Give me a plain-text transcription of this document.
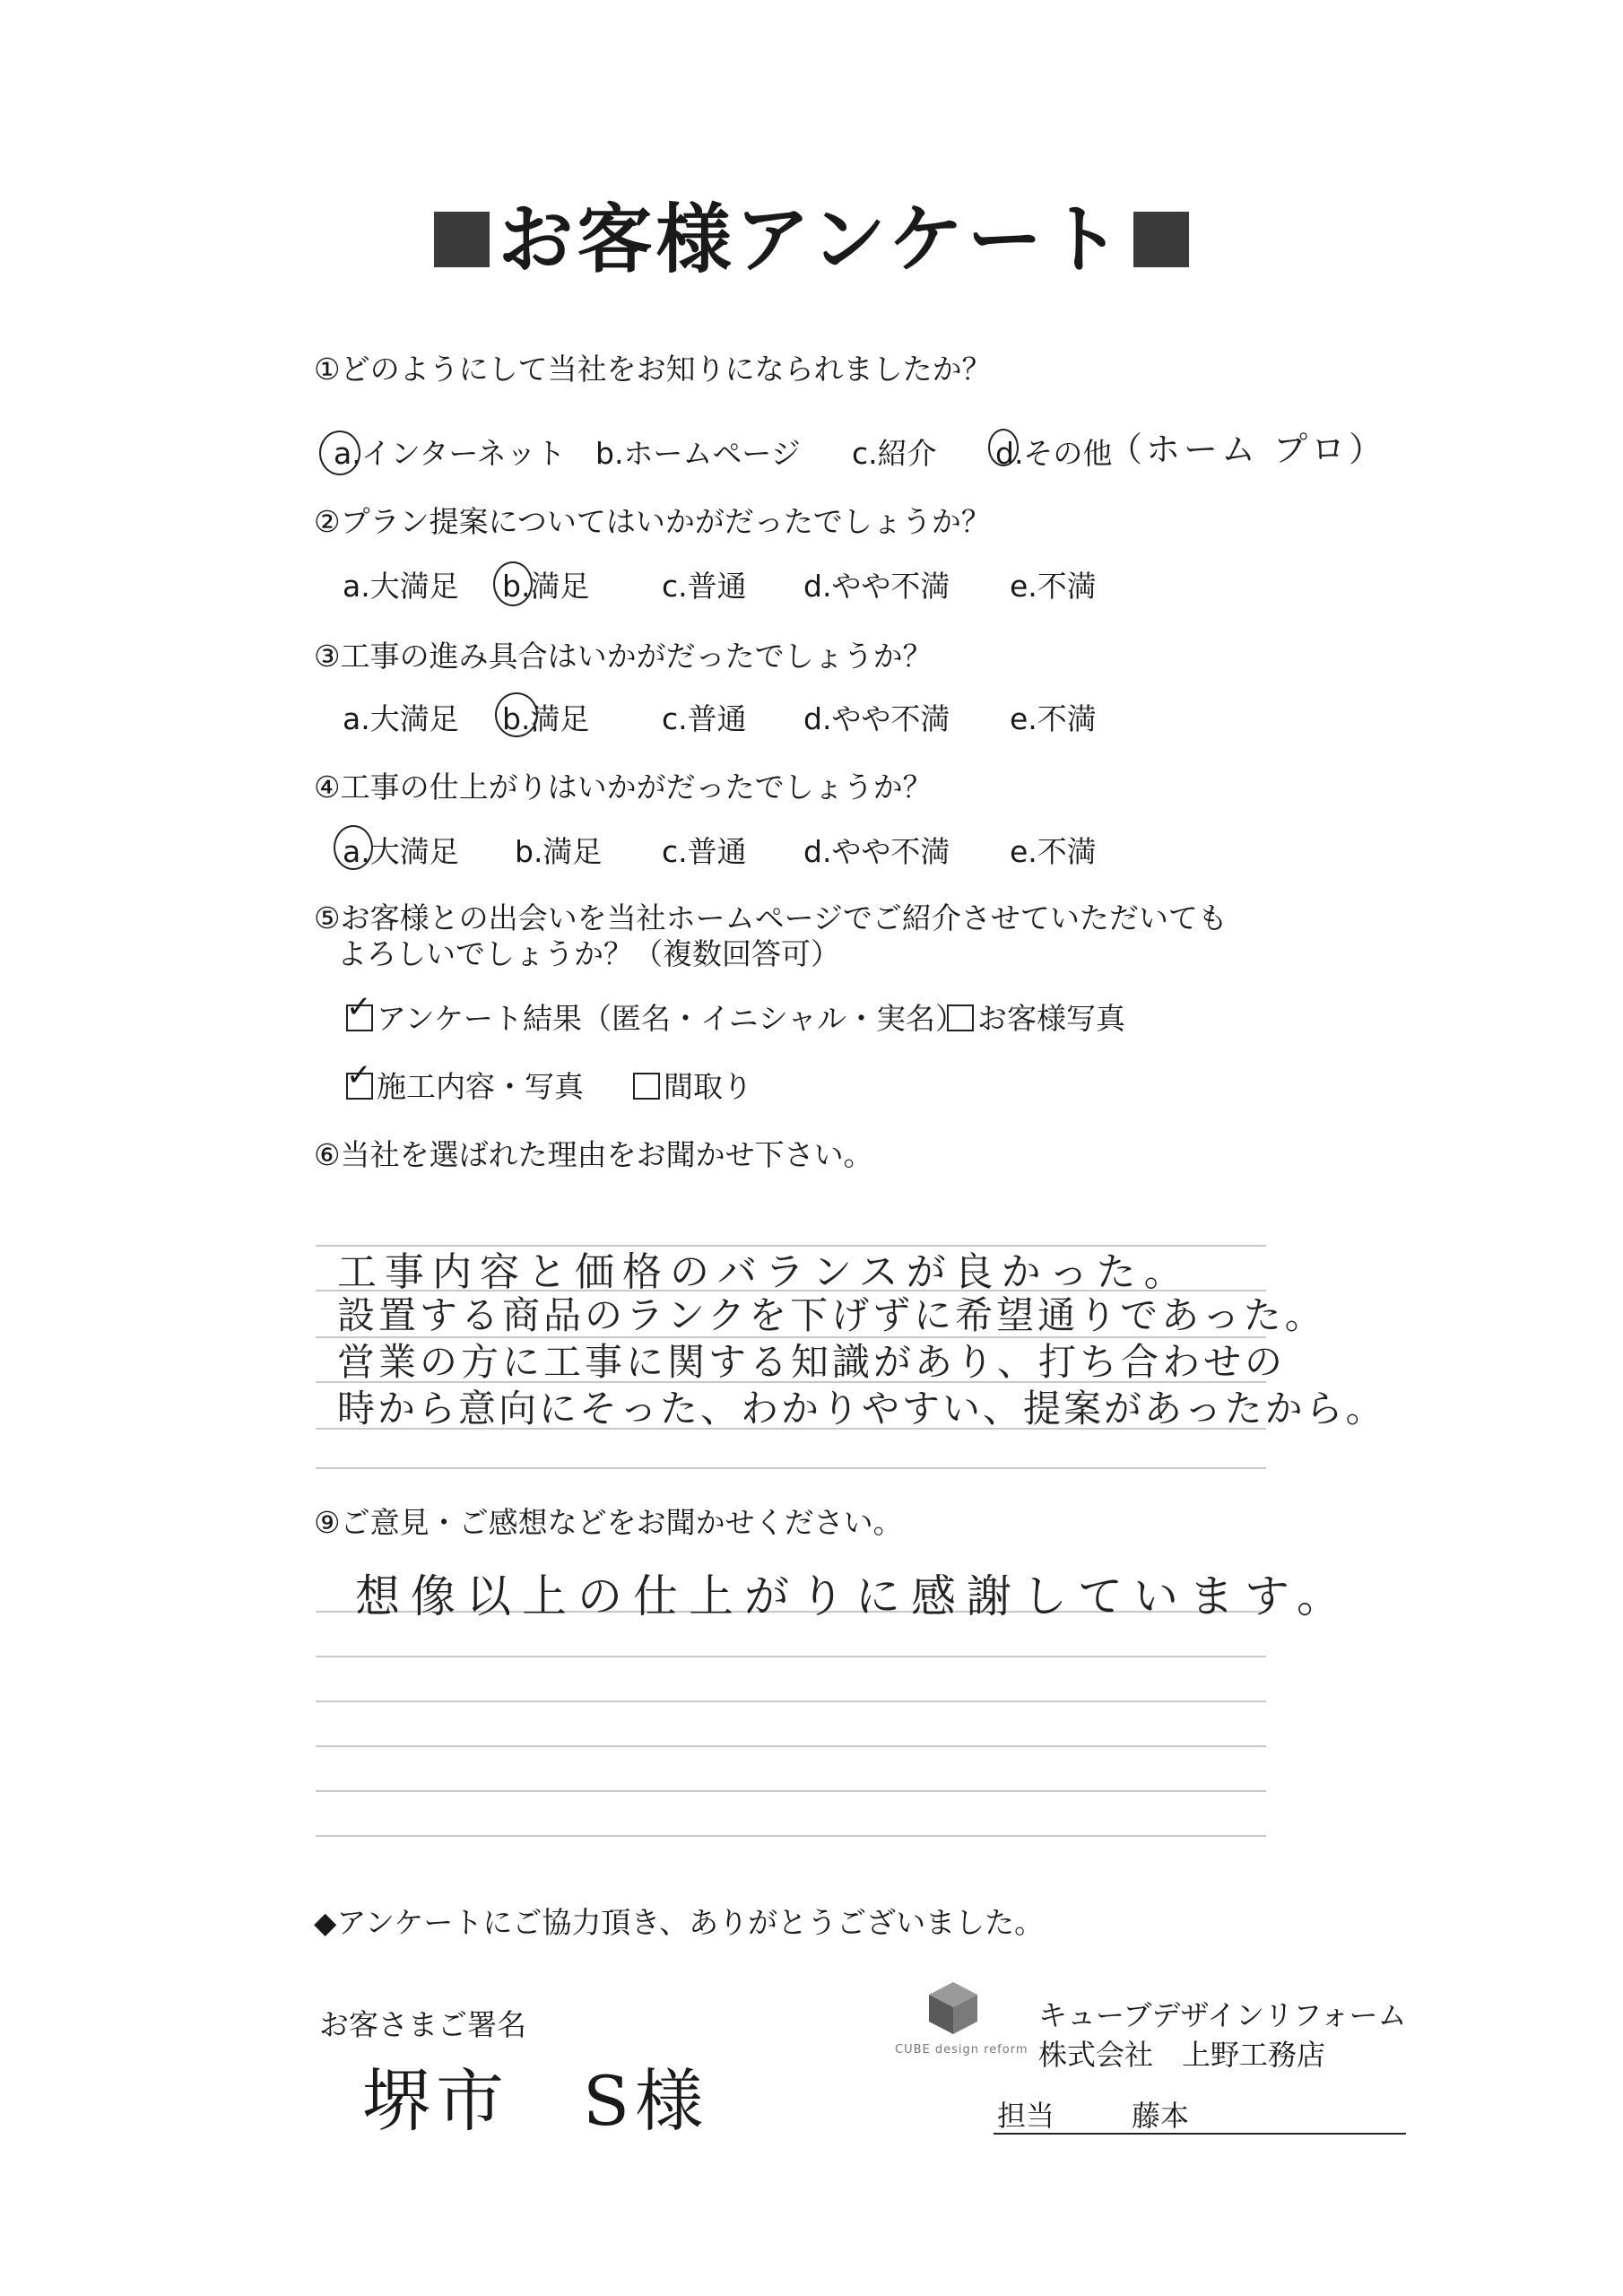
お客様アンケート
①どのようにして当社をお知りになられましたか？
a.インターネット b.ホームページ c.紹介 d.その他
（ホーム プロ）
②プラン提案についてはいかがだったでしょうか？
a.大満足 b.満足 c.普通 d.やや不満 e.不満
③工事の進み具合はいかがだったでしょうか？
a.大満足 b.満足 c.普通 d.やや不満 e.不満
④工事の仕上がりはいかがだったでしょうか？
a.大満足 b.満足 c.普通 d.やや不満 e.不満
⑤お客様との出会いを当社ホームページでご紹介させていただいても
よろしいでしょうか？（複数回答可）
✓ アンケート結果（匿名・イニシャル・実名） お客様写真
✓ 施工内容・写真	間取り
⑥当社を選ばれた理由をお聞かせ下さい。
工事内容と価格のバランスが良かった。
設置する商品のランクを下げずに希望通りであった。
営業の方に工事に関する知識があり、打ち合わせの
時から意向にそった、わかりやすい、提案があったから。
⑨ご意見・ご感想などをお聞かせください。
想像以上の仕上がりに感謝しています。
◆アンケートにご協力頂き、ありがとうございました。
お客さまご署名
堺市　S様
CUBE design reform
キューブデザインリフォーム
株式会社　上野工務店
担当	藤本
